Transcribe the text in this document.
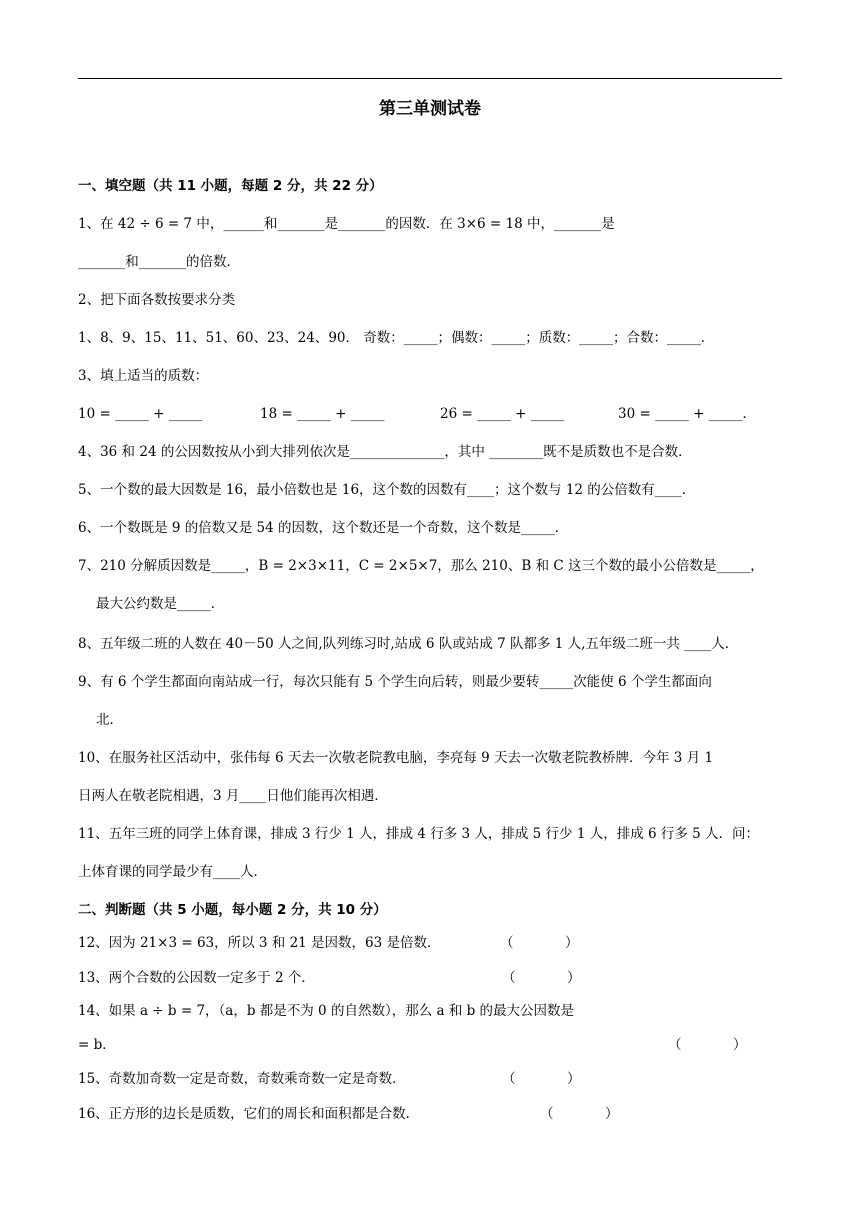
第三单测试卷
一、填空题（共 11 小题，每题 2 分，共 22 分）
1、在 42 ÷ 6 = 7 中，______和_______是_______的因数．在 3×6 = 18 中，_______是
_______和_______的倍数．
2、把下面各数按要求分类
1、8、9、15、11、51、60、23、24、90． 奇数：_____；偶数：_____；质数：_____；合数：_____．
3、填上适当的质数：
10 = _____ + _____	18 = _____ + _____	26 = _____ + _____	30 = _____ + _____．
4、36 和 24 的公因数按从小到大排列依次是______________，其中 ________既不是质数也不是合数．
5、一个数的最大因数是 16，最小倍数也是 16，这个数的因数有____；这个数与 12 的公倍数有____．
6、一个数既是 9 的倍数又是 54 的因数，这个数还是一个奇数，这个数是_____．
7、210 分解质因数是_____，B = 2×3×11，C = 2×5×7，那么 210、B 和 C 这三个数的最小公倍数是_____，
最大公约数是_____．
8、五年级二班的人数在 40－50 人之间,队列练习时,站成 6 队或站成 7 队都多 1 人,五年级二班一共 ____人．
9、有 6 个学生都面向南站成一行，每次只能有 5 个学生向后转，则最少要转_____次能使 6 个学生都面向
北．
10、在服务社区活动中，张伟每 6 天去一次敬老院教电脑，李亮每 9 天去一次敬老院教桥牌．今年 3 月 1
日两人在敬老院相遇，3 月____日他们能再次相遇．
11、五年三班的同学上体育课，排成 3 行少 1 人，排成 4 行多 3 人，排成 5 行少 1 人，排成 6 行多 5 人．问：
上体育课的同学最少有____人．
二、判断题（共 5 小题，每小题 2 分，共 10 分）
12、因为 21×3 = 63，所以 3 和 21 是因数，63 是倍数．	（            ）
13、两个合数的公因数一定多于 2 个．	（            ）
14、如果 a ÷ b = 7，（a，b 都是不为 0 的自然数），那么 a 和 b 的最大公因数是
= b．	（            ）
15、奇数加奇数一定是奇数，奇数乘奇数一定是奇数．	（            ）
16、正方形的边长是质数，它们的周长和面积都是合数．	（            ）
